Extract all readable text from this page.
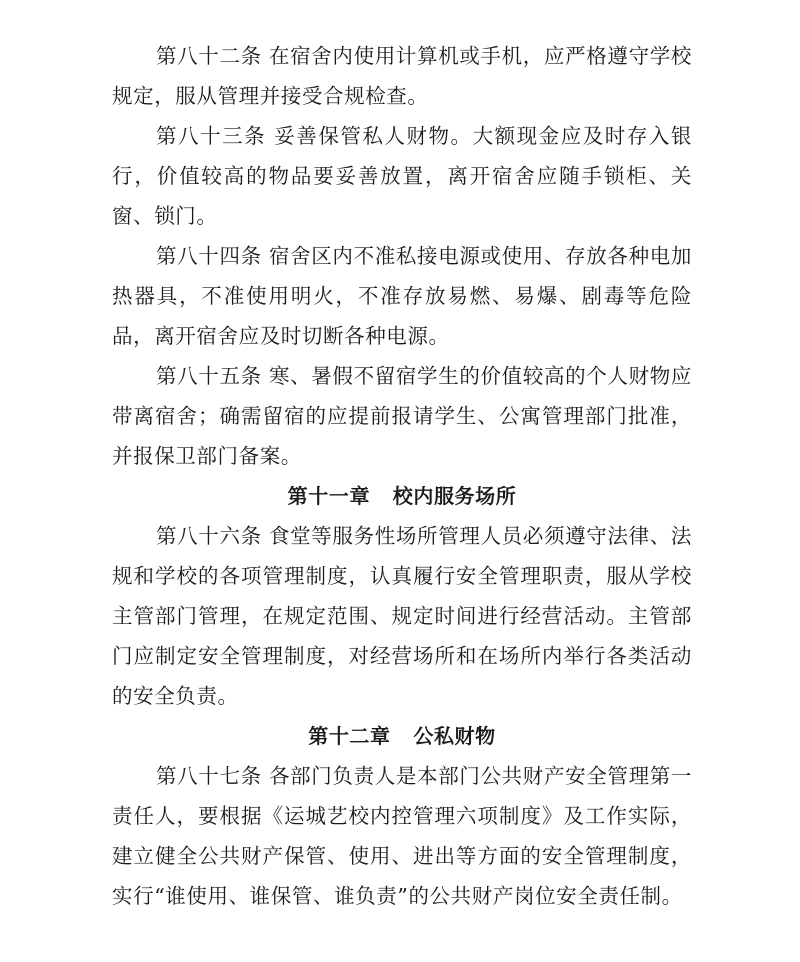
第八十二条 在宿舍内使用计算机或手机，应严格遵守学校规定，服从管理并接受合规检查。

第八十三条 妥善保管私人财物。大额现金应及时存入银行，价值较高的物品要妥善放置，离开宿舍应随手锁柜、关窗、锁门。

第八十四条 宿舍区内不准私接电源或使用、存放各种电加热器具，不准使用明火，不准存放易燃、易爆、剧毒等危险品，离开宿舍应及时切断各种电源。

第八十五条 寒、暑假不留宿学生的价值较高的个人财物应带离宿舍；确需留宿的应提前报请学生、公寓管理部门批准，并报保卫部门备案。

第十一章 校内服务场所

第八十六条 食堂等服务性场所管理人员必须遵守法律、法规和学校的各项管理制度，认真履行安全管理职责，服从学校主管部门管理，在规定范围、规定时间进行经营活动。主管部门应制定安全管理制度，对经营场所和在场所内举行各类活动的安全负责。

第十二章 公私财物

第八十七条 各部门负责人是本部门公共财产安全管理第一责任人，要根据《运城艺校内控管理六项制度》及工作实际，建立健全公共财产保管、使用、进出等方面的安全管理制度，实行“谁使用、谁保管、谁负责”的公共财产岗位安全责任制。
